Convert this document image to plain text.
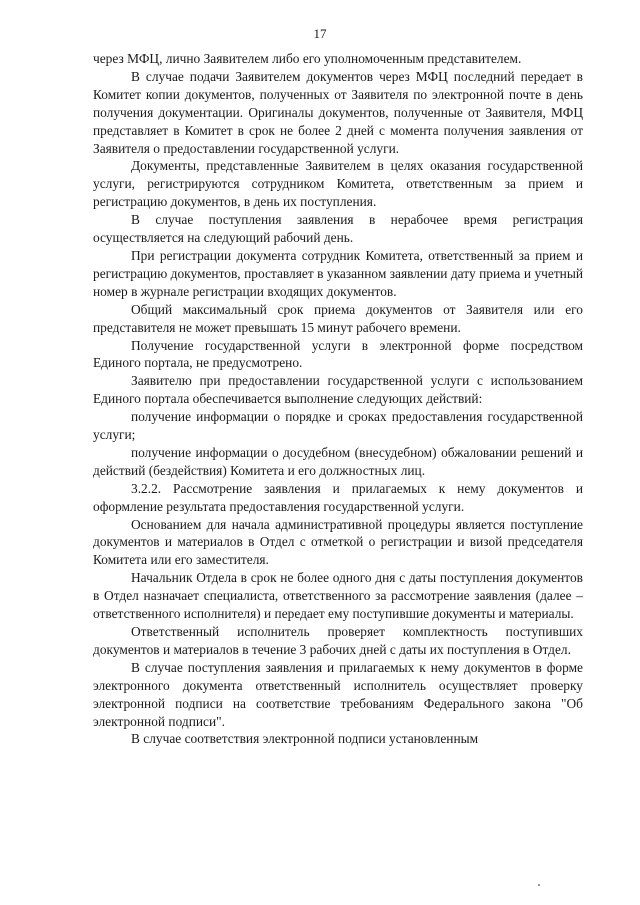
17

через МФЦ, лично Заявителем либо его уполномоченным представителем.

В случае подачи Заявителем документов через МФЦ последний передает в Комитет копии документов, полученных от Заявителя по электронной почте в день получения документации. Оригиналы документов, полученные от Заявителя, МФЦ представляет в Комитет в срок не более 2 дней с момента получения заявления от Заявителя о предоставлении государственной услуги.

Документы, представленные Заявителем в целях оказания государственной услуги, регистрируются сотрудником Комитета, ответственным за прием и регистрацию документов, в день их поступления.

В случае поступления заявления в нерабочее время регистрация осуществляется на следующий рабочий день.

При регистрации документа сотрудник Комитета, ответственный за прием и регистрацию документов, проставляет в указанном заявлении дату приема и учетный номер в журнале регистрации входящих документов.

Общий максимальный срок приема документов от Заявителя или его представителя не может превышать 15 минут рабочего времени.

Получение государственной услуги в электронной форме посредством Единого портала, не предусмотрено.

Заявителю при предоставлении государственной услуги с использованием Единого портала обеспечивается выполнение следующих действий:

получение информации о порядке и сроках предоставления государственной услуги;

получение информации о досудебном (внесудебном) обжаловании решений и действий (бездействия) Комитета и его должностных лиц.

3.2.2. Рассмотрение заявления и прилагаемых к нему документов и оформление результата предоставления государственной услуги.

Основанием для начала административной процедуры является поступление документов и материалов в Отдел с отметкой о регистрации и визой председателя Комитета или его заместителя.

Начальник Отдела в срок не более одного дня с даты поступления документов в Отдел назначает специалиста, ответственного за рассмотрение заявления (далее – ответственного исполнителя) и передает ему поступившие документы и материалы.

Ответственный исполнитель проверяет комплектность поступивших документов и материалов в течение 3 рабочих дней с даты их поступления в Отдел.

В случае поступления заявления и прилагаемых к нему документов в форме электронного документа ответственный исполнитель осуществляет проверку электронной подписи на соответствие требованиям Федерального закона "Об электронной подписи".

В случае соответствия электронной подписи установленным
